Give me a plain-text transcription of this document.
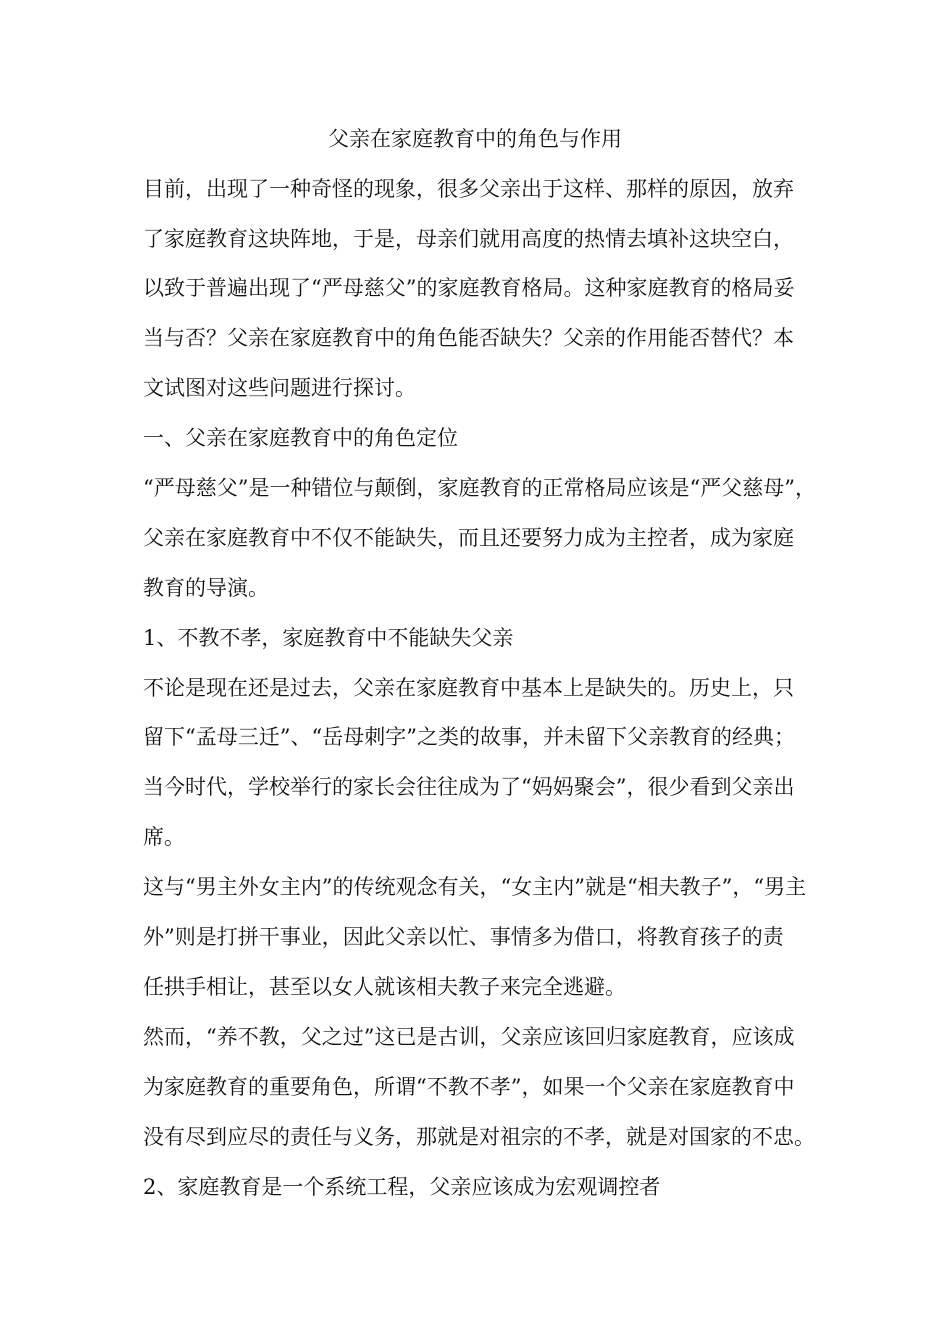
父亲在家庭教育中的角色与作用
目前，出现了一种奇怪的现象，很多父亲出于这样、那样的原因，放弃
了家庭教育这块阵地，于是，母亲们就用高度的热情去填补这块空白，
以致于普遍出现了“严母慈父”的家庭教育格局。这种家庭教育的格局妥
当与否？父亲在家庭教育中的角色能否缺失？父亲的作用能否替代？本
文试图对这些问题进行探讨。
一、父亲在家庭教育中的角色定位
“严母慈父”是一种错位与颠倒，家庭教育的正常格局应该是“严父慈母”，
父亲在家庭教育中不仅不能缺失，而且还要努力成为主控者，成为家庭
教育的导演。
1、不教不孝，家庭教育中不能缺失父亲
不论是现在还是过去，父亲在家庭教育中基本上是缺失的。历史上，只
留下“孟母三迁”、“岳母刺字”之类的故事，并未留下父亲教育的经典；
当今时代，学校举行的家长会往往成为了“妈妈聚会”，很少看到父亲出
席。
这与“男主外女主内”的传统观念有关，“女主内”就是“相夫教子”，“男主
外”则是打拼干事业，因此父亲以忙、事情多为借口，将教育孩子的责
任拱手相让，甚至以女人就该相夫教子来完全逃避。
然而，“养不教，父之过”这已是古训，父亲应该回归家庭教育，应该成
为家庭教育的重要角色，所谓“不教不孝”，如果一个父亲在家庭教育中
没有尽到应尽的责任与义务，那就是对祖宗的不孝，就是对国家的不忠。
2、家庭教育是一个系统工程，父亲应该成为宏观调控者
